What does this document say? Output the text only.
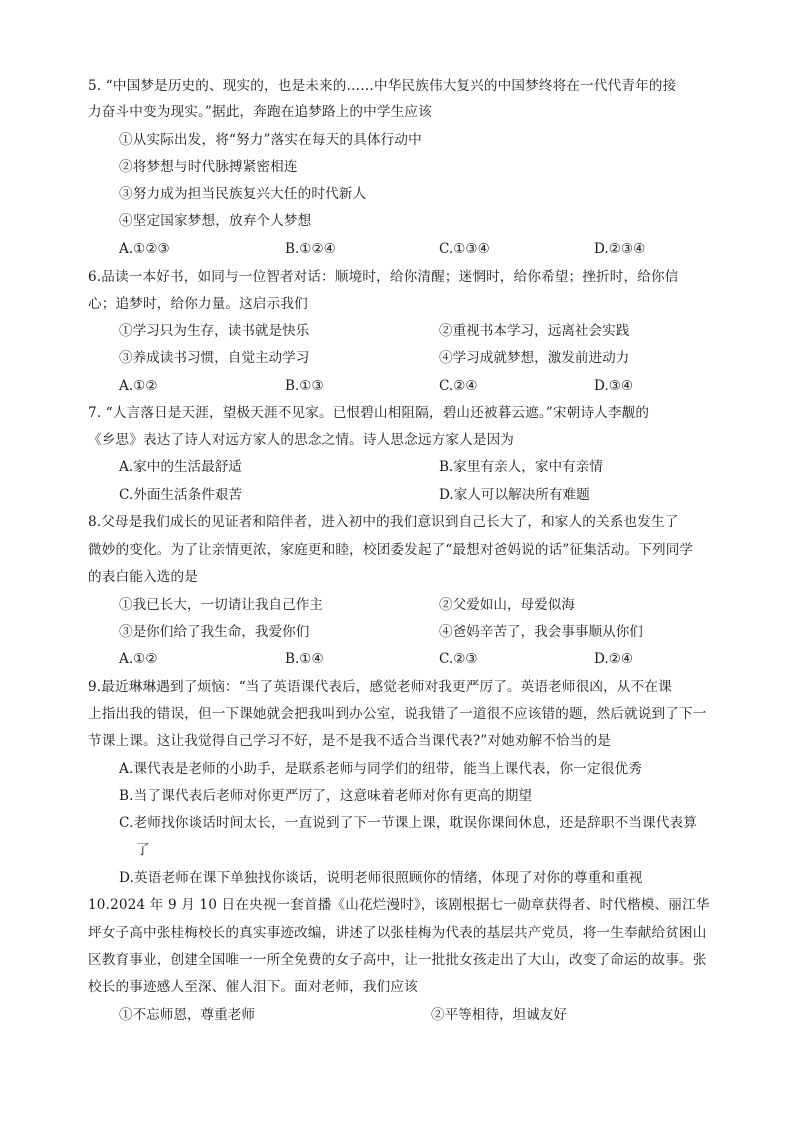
5. “中国梦是历史的、现实的，也是未来的……中华民族伟大复兴的中国梦终将在一代代青年的接
力奋斗中变为现实。”据此，奔跑在追梦路上的中学生应该
①从实际出发，将“努力”落实在每天的具体行动中
②将梦想与时代脉搏紧密相连
③努力成为担当民族复兴大任的时代新人
④坚定国家梦想，放弃个人梦想
A.①②③	B.①②④	C.①③④	D.②③④
6.品读一本好书，如同与一位智者对话：顺境时，给你清醒；迷惘时，给你希望；挫折时，给你信
心；追梦时，给你力量。这启示我们
①学习只为生存，读书就是快乐	②重视书本学习，远离社会实践
③养成读书习惯，自觉主动学习	④学习成就梦想，激发前进动力
A.①②	B.①③	C.②④	D.③④
7. “人言落日是天涯，望极天涯不见家。已恨碧山相阻隔，碧山还被暮云遮。”宋朝诗人李觏的
《乡思》表达了诗人对远方家人的思念之情。诗人思念远方家人是因为
A.家中的生活最舒适	B.家里有亲人，家中有亲情
C.外面生活条件艰苦	D.家人可以解决所有难题
8.父母是我们成长的见证者和陪伴者，进入初中的我们意识到自己长大了，和家人的关系也发生了
微妙的变化。为了让亲情更浓，家庭更和睦，校团委发起了“最想对爸妈说的话”征集活动。下列同学
的表白能入选的是
①我已长大，一切请让我自己作主	②父爱如山，母爱似海
③是你们给了我生命，我爱你们	④爸妈辛苦了，我会事事顺从你们
A.①②	B.①④	C.②③	D.②④
9.最近琳琳遇到了烦恼：“当了英语课代表后，感觉老师对我更严厉了。英语老师很凶，从不在课
上指出我的错误，但一下课她就会把我叫到办公室，说我错了一道很不应该错的题，然后就说到了下一
节课上课。这让我觉得自己学习不好，是不是我不适合当课代表?”对她劝解不恰当的是
A.课代表是老师的小助手，是联系老师与同学们的纽带，能当上课代表，你一定很优秀
B.当了课代表后老师对你更严厉了，这意味着老师对你有更高的期望
C.老师找你谈话时间太长，一直说到了下一节课上课，耽误你课间休息，还是辞职不当课代表算
了
D.英语老师在课下单独找你谈话，说明老师很照顾你的情绪，体现了对你的尊重和重视
10.2024 年 9 月 10 日在央视一套首播《山花烂漫时》，该剧根据七一勋章获得者、时代楷模、丽江华
坪女子高中张桂梅校长的真实事迹改编，讲述了以张桂梅为代表的基层共产党员，将一生奉献给贫困山
区教育事业，创建全国唯一一所全免费的女子高中，让一批批女孩走出了大山，改变了命运的故事。张
校长的事迹感人至深、催人泪下。面对老师，我们应该
①不忘师恩，尊重老师	②平等相待，坦诚友好
